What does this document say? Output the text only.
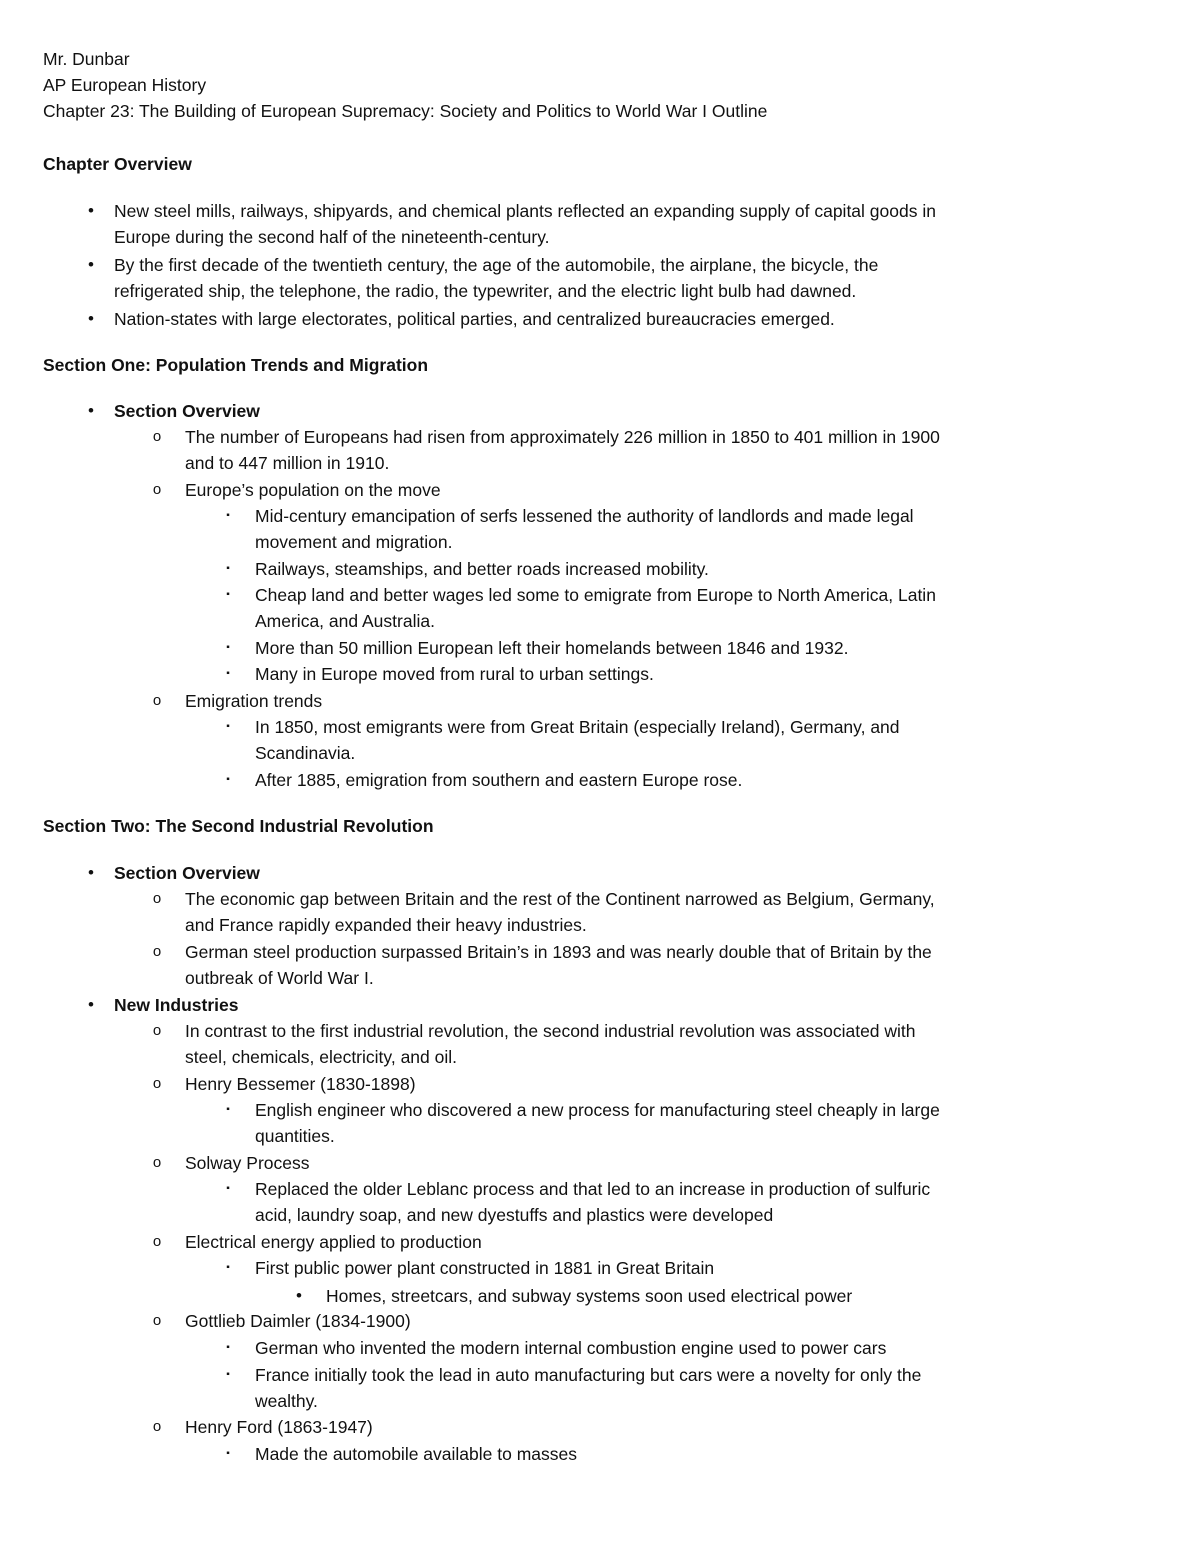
Mr. Dunbar
AP European History
Chapter 23: The Building of European Supremacy: Society and Politics to World War I Outline
Chapter Overview
•	New steel mills, railways, shipyards, and chemical plants reflected an expanding supply of capital goods in
Europe during the second half of the nineteenth-century.
•	By the first decade of the twentieth century, the age of the automobile, the airplane, the bicycle, the
refrigerated ship, the telephone, the radio, the typewriter, and the electric light bulb had dawned.
•	Nation-states with large electorates, political parties, and centralized bureaucracies emerged.
Section One: Population Trends and Migration
•	Section Overview
o	The number of Europeans had risen from approximately 226 million in 1850 to 401 million in 1900
and to 447 million in 1910.
o	Europe’s population on the move
▪	Mid-century emancipation of serfs lessened the authority of landlords and made legal
movement and migration.
▪	Railways, steamships, and better roads increased mobility.
▪	Cheap land and better wages led some to emigrate from Europe to North America, Latin
America, and Australia.
▪	More than 50 million European left their homelands between 1846 and 1932.
▪	Many in Europe moved from rural to urban settings.
o	Emigration trends
▪	In 1850, most emigrants were from Great Britain (especially Ireland), Germany, and
Scandinavia.
▪	After 1885, emigration from southern and eastern Europe rose.
Section Two: The Second Industrial Revolution
•	Section Overview
o	The economic gap between Britain and the rest of the Continent narrowed as Belgium, Germany,
and France rapidly expanded their heavy industries.
o	German steel production surpassed Britain’s in 1893 and was nearly double that of Britain by the
outbreak of World War I.
•	New Industries
o	In contrast to the first industrial revolution, the second industrial revolution was associated with
steel, chemicals, electricity, and oil.
o	Henry Bessemer (1830-1898)
▪	English engineer who discovered a new process for manufacturing steel cheaply in large
quantities.
o	Solway Process
▪	Replaced the older Leblanc process and that led to an increase in production of sulfuric
acid, laundry soap, and new dyestuffs and plastics were developed
o	Electrical energy applied to production
▪	First public power plant constructed in 1881 in Great Britain
•	Homes, streetcars, and subway systems soon used electrical power
o	Gottlieb Daimler (1834-1900)
▪	German who invented the modern internal combustion engine used to power cars
▪	France initially took the lead in auto manufacturing but cars were a novelty for only the
wealthy.
o	Henry Ford (1863-1947)
▪	Made the automobile available to masses
